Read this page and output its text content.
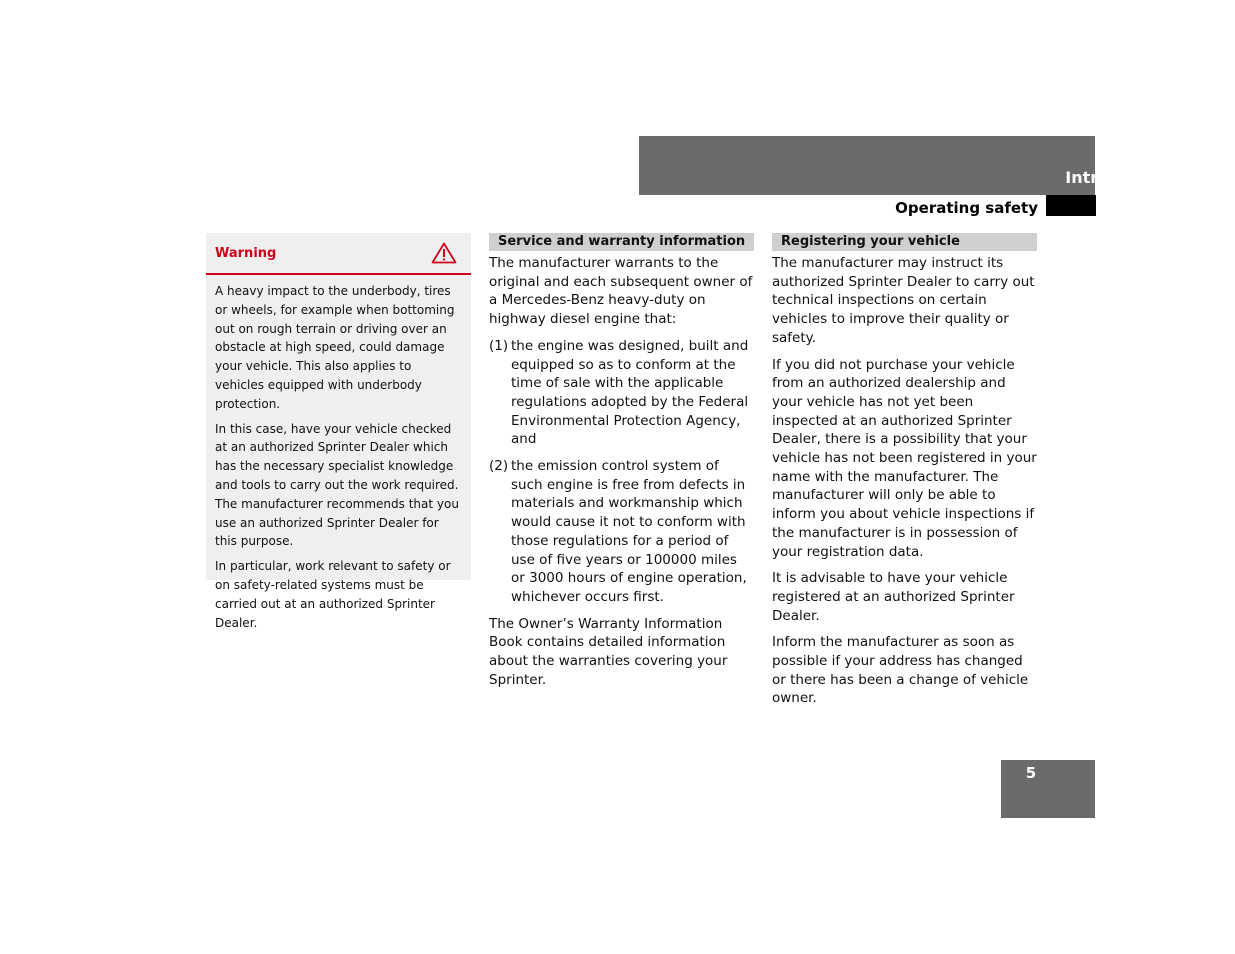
Introduction
Operating safety
Warning

A heavy impact to the underbody, tires or wheels, for example when bottoming out on rough terrain or driving over an obstacle at high speed, could damage your vehicle. This also applies to vehicles equipped with underbody protection.

In this case, have your vehicle checked at an authorized Sprinter Dealer which has the necessary specialist knowledge and tools to carry out the work required. The manufacturer recommends that you use an authorized Sprinter Dealer for this purpose.

In particular, work relevant to safety or on safety-related systems must be carried out at an authorized Sprinter Dealer.

Service and warranty information

The manufacturer warrants to the original and each subsequent owner of a Mercedes-Benz heavy-duty on highway diesel engine that:

(1) the engine was designed, built and equipped so as to conform at the time of sale with the applicable regulations adopted by the Federal Environmental Protection Agency, and
(2) the emission control system of such engine is free from defects in materials and workmanship which would cause it not to conform with those regulations for a period of use of five years or 100000 miles or 3000 hours of engine operation, whichever occurs first.

The Owner’s Warranty Information Book contains detailed information about the warranties covering your Sprinter.

Registering your vehicle

The manufacturer may instruct its authorized Sprinter Dealer to carry out technical inspections on certain vehicles to improve their quality or safety.

If you did not purchase your vehicle from an authorized dealership and your vehicle has not yet been inspected at an authorized Sprinter Dealer, there is a possibility that your vehicle has not been registered in your name with the manufacturer. The manufacturer will only be able to inform you about vehicle inspections if the manufacturer is in possession of your registration data.

It is advisable to have your vehicle registered at an authorized Sprinter Dealer.

Inform the manufacturer as soon as possible if your address has changed or there has been a change of vehicle owner.

5
